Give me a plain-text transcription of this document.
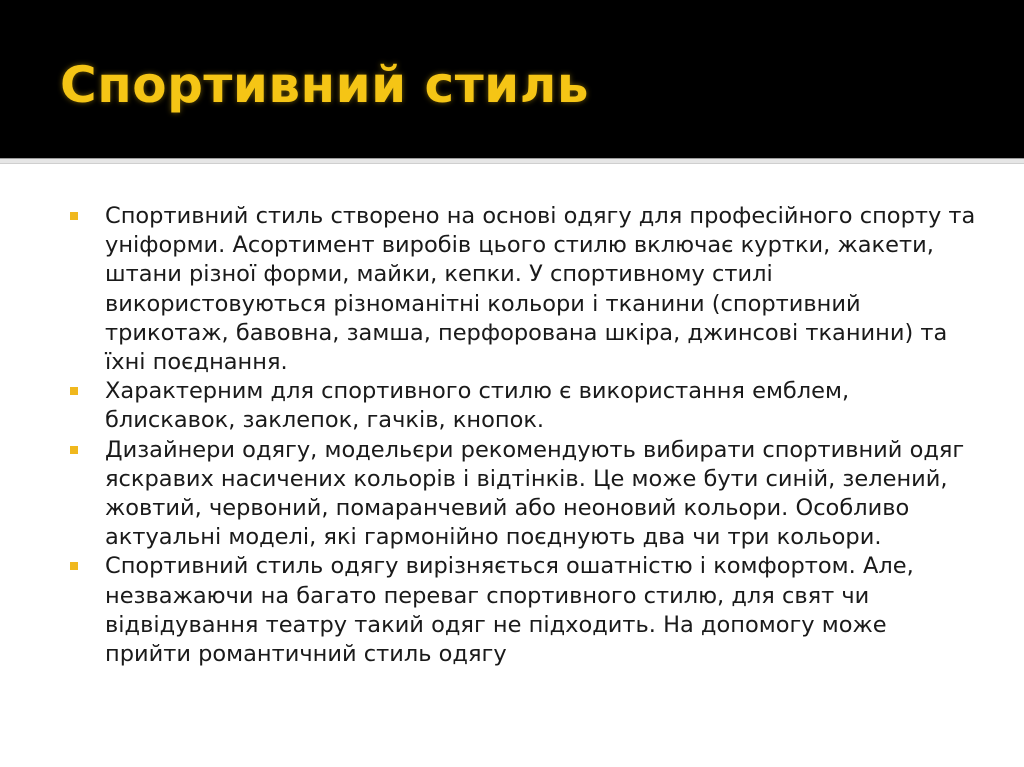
Спортивний стиль
Спортивний стиль створено на основі одягу для професійного спорту та уніформи. Асортимент виробів цього стилю включає куртки, жакети, штани різної форми, майки, кепки. У спортивному стилі використовуються різноманітні кольори і тканини (спортивний трикотаж, бавовна, замша, перфорована шкіра, джинсові тканини) та їхні поєднання.
Характерним для спортивного стилю є використання емблем, блискавок, заклепок, гачків, кнопок.
Дизайнери одягу, модельєри рекомендують вибирати спортивний одяг яскравих насичених кольорів і відтінків. Це може бути синій, зелений, жовтий, червоний, помаранчевий або неоновий кольори. Особливо актуальні моделі, які гармонійно поєднують два чи три кольори.
Спортивний стиль одягу вирізняється ошатністю і комфортом. Але, незважаючи на багато переваг спортивного стилю, для свят чи відвідування театру такий одяг не підходить. На допомогу може прийти романтичний стиль одягу
